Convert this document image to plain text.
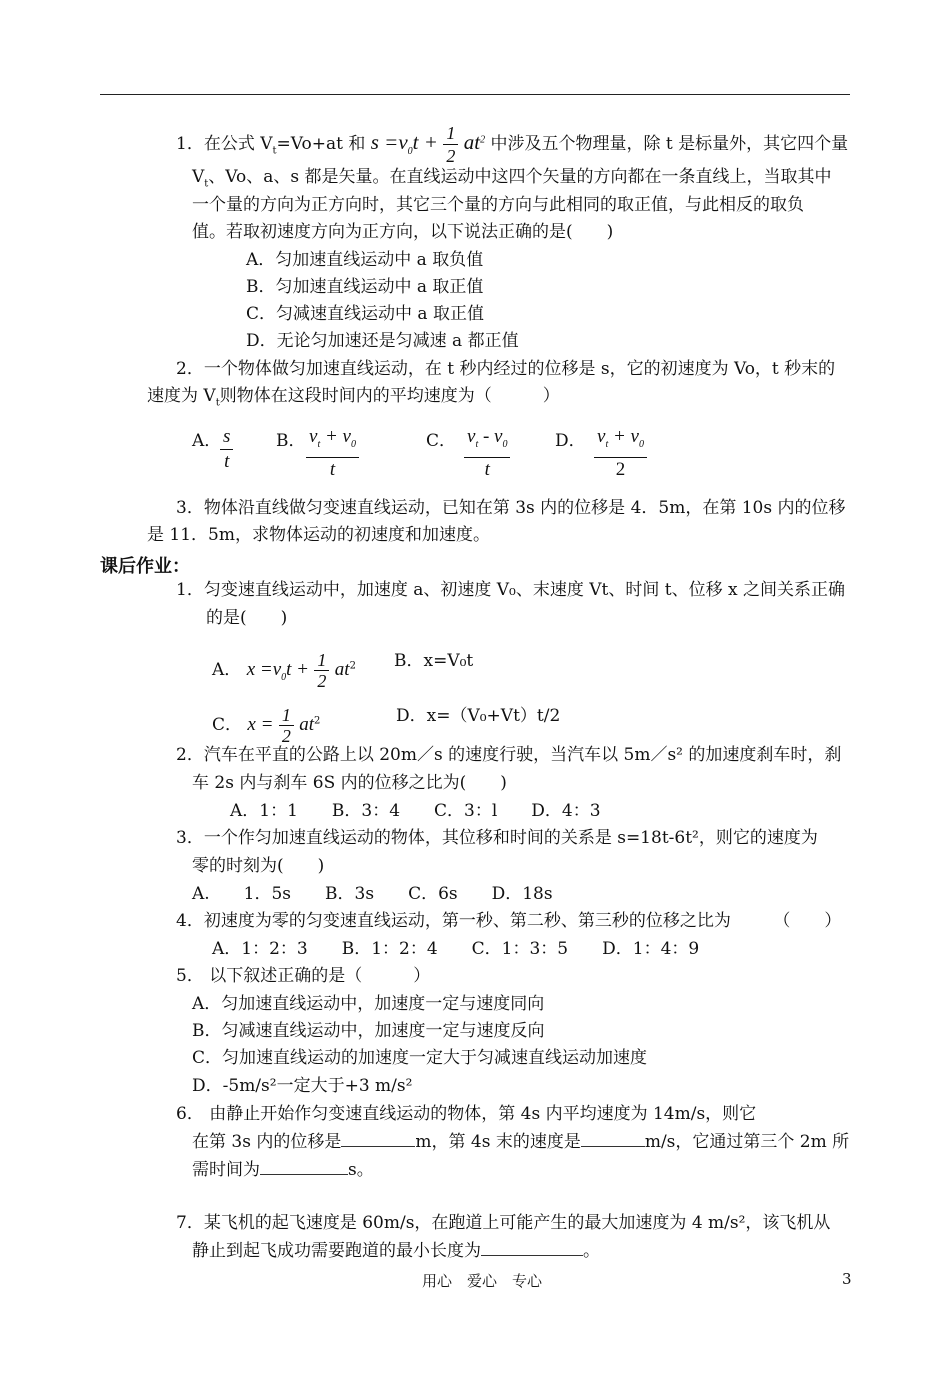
1．在公式 $V_t=Vo+at$ 和 $s =v_0t + \frac{1}{2} at^2$ 中涉及五个物理量，除 t 是标量外，其它四个量
$V_t$、Vo、a、s 都是矢量。在直线运动中这四个矢量的方向都在一条直线上，当取其中
一个量的方向为正方向时，其它三个量的方向与此相同的取正值，与此相反的取负
值。若取初速度方向为正方向，以下说法正确的是(　　)
A．匀加速直线运动中 a 取负值
B．匀加速直线运动中 a 取正值
C．匀减速直线运动中 a 取正值
D．无论匀加速还是匀减速 a 都正值
2．一个物体做匀加速直线运动，在 t 秒内经过的位移是 s，它的初速度为 Vo，t 秒末的
速度为 $V_t$则物体在这段时间内的平均速度为（　　　）
A．
$\frac{s}{t}$	B． $\frac{v_t + v_0}{t}$	C． $\frac{v_t - v_0}{t}$	D． $\frac{v_t + v_0}{2}$
3．物体沿直线做匀变速直线运动，已知在第 3s 内的位移是 4．5m，在第 10s 内的位移
是 11．5m，求物体运动的初速度和加速度。
课后作业：
1．匀变速直线运动中，加速度 a、初速度 V₀、末速度 Vt、时间 t、位移 x 之间关系正确
的是(　　)
A． $x =v_0t + \frac{1}{2} at^2$ B．x=V₀t
C． $x = \frac{1}{2} at^2$	D．x=（V₀+Vt）t/2
2．汽车在平直的公路上以 20m／s 的速度行驶，当汽车以 5m／s² 的加速度刹车时，刹
车 2s 内与刹车 6S 内的位移之比为(　　)
A．1：1　　B．3：4　　C．3：l　　D．4：3
3．一个作匀加速直线运动的物体，其位移和时间的关系是 s=18t-6t²，则它的速度为
零的时刻为(　　)
A.　　1．5s　　B．3s　　C．6s　　D．18s
4．初速度为零的匀变速直线运动，第一秒、第二秒、第三秒的位移之比为　　　（　　）
A．1：2：3　　B．1：2：4　　C．1：3：5　　D．1：4：9
5． 以下叙述正确的是（　　　）
A．匀加速直线运动中，加速度一定与速度同向
B．匀减速直线运动中，加速度一定与速度反向
C．匀加速直线运动的加速度一定大于匀减速直线运动加速度
D．-5m/s²一定大于+3 m/s²
6． 由静止开始作匀变速直线运动的物体，第 4s 内平均速度为 14m/s，则它
在第 3s 内的位移是	m，第 4s 末的速度是	m/s，它通过第三个 2m 所
需时间为	s。
7．某飞机的起飞速度是 60m/s，在跑道上可能产生的最大加速度为 4 m/s²，该飞机从
静止到起飞成功需要跑道的最小长度为	。
用心　爱心　专心	3
